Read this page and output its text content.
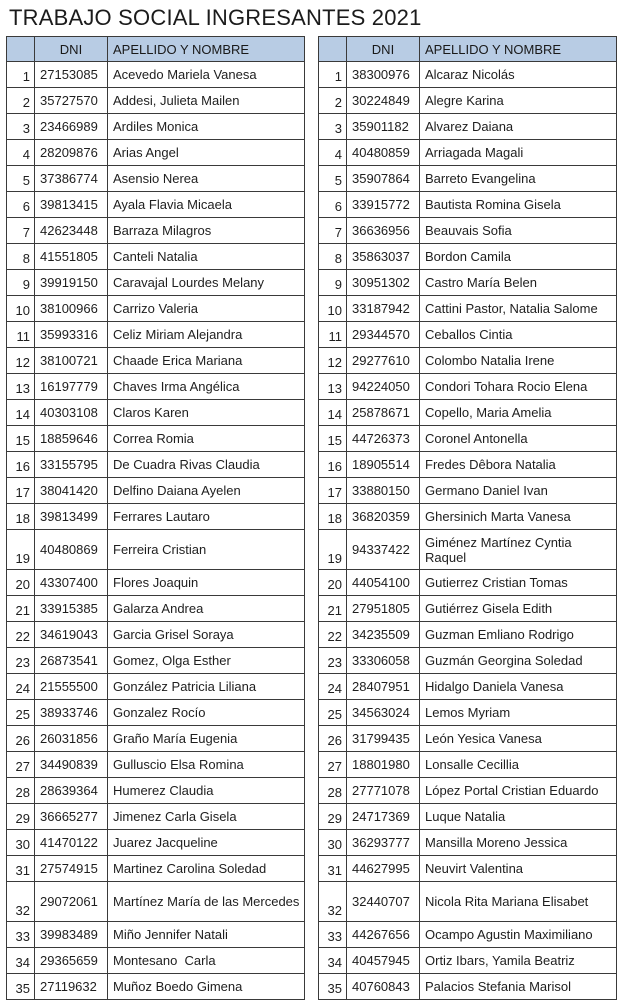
TRABAJO SOCIAL INGRESANTES 2021
	DNI	APELLIDO Y NOMBRE
1	27153085	Acevedo Mariela Vanesa
2	35727570	Addesi, Julieta Mailen
3	23466989	Ardiles Monica
4	28209876	Arias Angel
5	37386774	Asensio Nerea
6	39813415	Ayala Flavia Micaela
7	42623448	Barraza Milagros
8	41551805	Canteli Natalia
9	39919150	Caravajal Lourdes Melany
10	38100966	Carrizo Valeria
11	35993316	Celiz Miriam Alejandra
12	38100721	Chaade Erica Mariana
13	16197779	Chaves Irma Angélica
14	40303108	Claros Karen
15	18859646	Correa Romia
16	33155795	De Cuadra Rivas Claudia
17	38041420	Delfino Daiana Ayelen
18	39813499	Ferrares Lautaro
19	40480869	Ferreira Cristian
20	43307400	Flores Joaquin
21	33915385	Galarza Andrea
22	34619043	Garcia Grisel Soraya
23	26873541	Gomez, Olga Esther
24	21555500	González Patricia Liliana
25	38933746	Gonzalez Rocío
26	26031856	Graño María Eugenia
27	34490839	Gulluscio Elsa Romina
28	28639364	Humerez Claudia
29	36665277	Jimenez Carla Gisela
30	41470122	Juarez Jacqueline
31	27574915	Martinez Carolina Soledad
32	29072061	Martínez María de las Mercedes
33	39983489	Miño Jennifer Natali
34	29365659	Montesano  Carla
35	27119632	Muñoz Boedo Gimena
	DNI	APELLIDO Y NOMBRE
1	38300976	Alcaraz Nicolás
2	30224849	Alegre Karina
3	35901182	Alvarez Daiana
4	40480859	Arriagada Magali
5	35907864	Barreto Evangelina
6	33915772	Bautista Romina Gisela
7	36636956	Beauvais Sofia
8	35863037	Bordon Camila
9	30951302	Castro María Belen
10	33187942	Cattini Pastor, Natalia Salome
11	29344570	Ceballos Cintia
12	29277610	Colombo Natalia Irene
13	94224050	Condori Tohara Rocio Elena
14	25878671	Copello, Maria Amelia
15	44726373	Coronel Antonella
16	18905514	Fredes Dêbora Natalia
17	33880150	Germano Daniel Ivan
18	36820359	Ghersinich Marta Vanesa
19	94337422	Giménez Martínez Cyntia Raquel
20	44054100	Gutierrez Cristian Tomas
21	27951805	Gutiérrez Gisela Edith
22	34235509	Guzman Emliano Rodrigo
23	33306058	Guzmán Georgina Soledad
24	28407951	Hidalgo Daniela Vanesa
25	34563024	Lemos Myriam
26	31799435	León Yesica Vanesa
27	18801980	Lonsalle Cecillia
28	27771078	López Portal Cristian Eduardo
29	24717369	Luque Natalia
30	36293777	Mansilla Moreno Jessica
31	44627995	Neuvirt Valentina
32	32440707	Nicola Rita Mariana Elisabet
33	44267656	Ocampo Agustin Maximiliano
34	40457945	Ortiz Ibars, Yamila Beatriz
35	40760843	Palacios Stefania Marisol
